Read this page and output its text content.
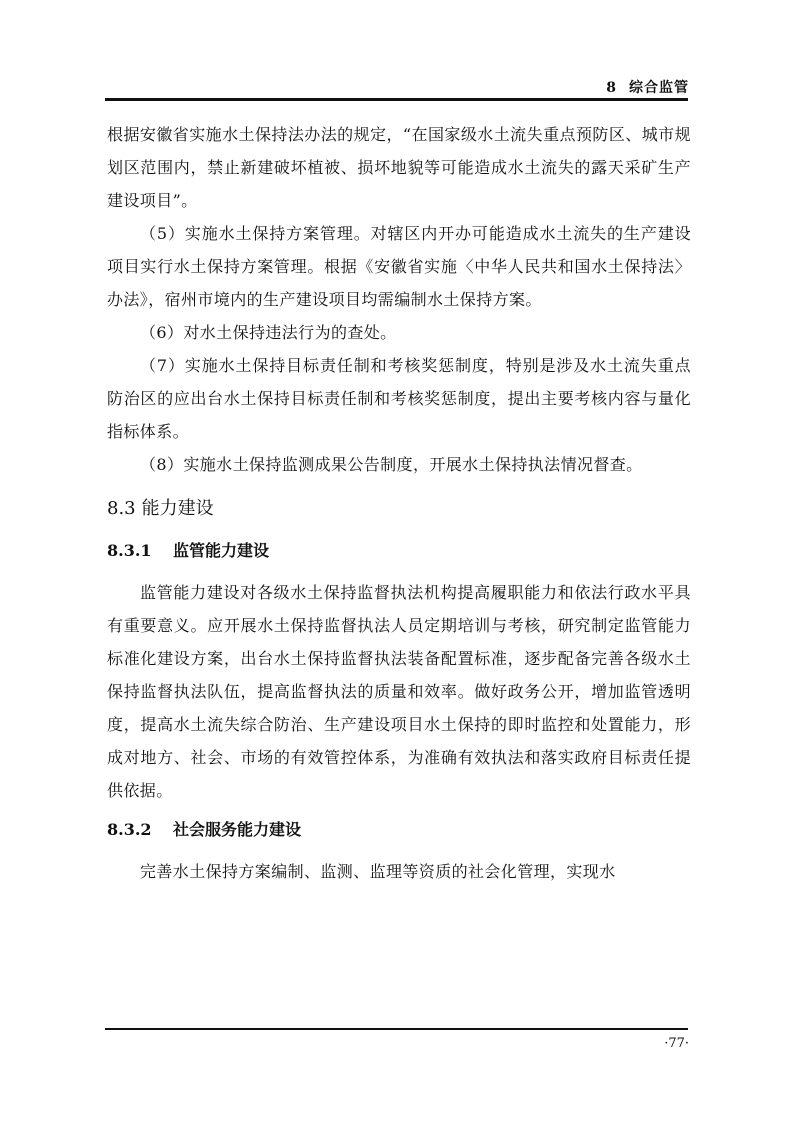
8 综合监管

根据安徽省实施水土保持法办法的规定，“在国家级水土流失重点预防区、城市规划区范围内，禁止新建破坏植被、损坏地貌等可能造成水土流失的露天采矿生产建设项目”。

（5）实施水土保持方案管理。对辖区内开办可能造成水土流失的生产建设项目实行水土保持方案管理。根据《安徽省实施〈中华人民共和国水土保持法〉办法》，宿州市境内的生产建设项目均需编制水土保持方案。

（6）对水土保持违法行为的查处。

（7）实施水土保持目标责任制和考核奖惩制度，特别是涉及水土流失重点防治区的应出台水土保持目标责任制和考核奖惩制度，提出主要考核内容与量化指标体系。

（8）实施水土保持监测成果公告制度，开展水土保持执法情况督查。

8.3 能力建设
8.3.1 监管能力建设

监管能力建设对各级水土保持监督执法机构提高履职能力和依法行政水平具有重要意义。应开展水土保持监督执法人员定期培训与考核，研究制定监管能力标准化建设方案，出台水土保持监督执法装备配置标准，逐步配备完善各级水土保持监督执法队伍，提高监督执法的质量和效率。做好政务公开，增加监管透明度，提高水土流失综合防治、生产建设项目水土保持的即时监控和处置能力，形成对地方、社会、市场的有效管控体系，为准确有效执法和落实政府目标责任提供依据。

8.3.2 社会服务能力建设

完善水土保持方案编制、监测、监理等资质的社会化管理，实现水

·77·
